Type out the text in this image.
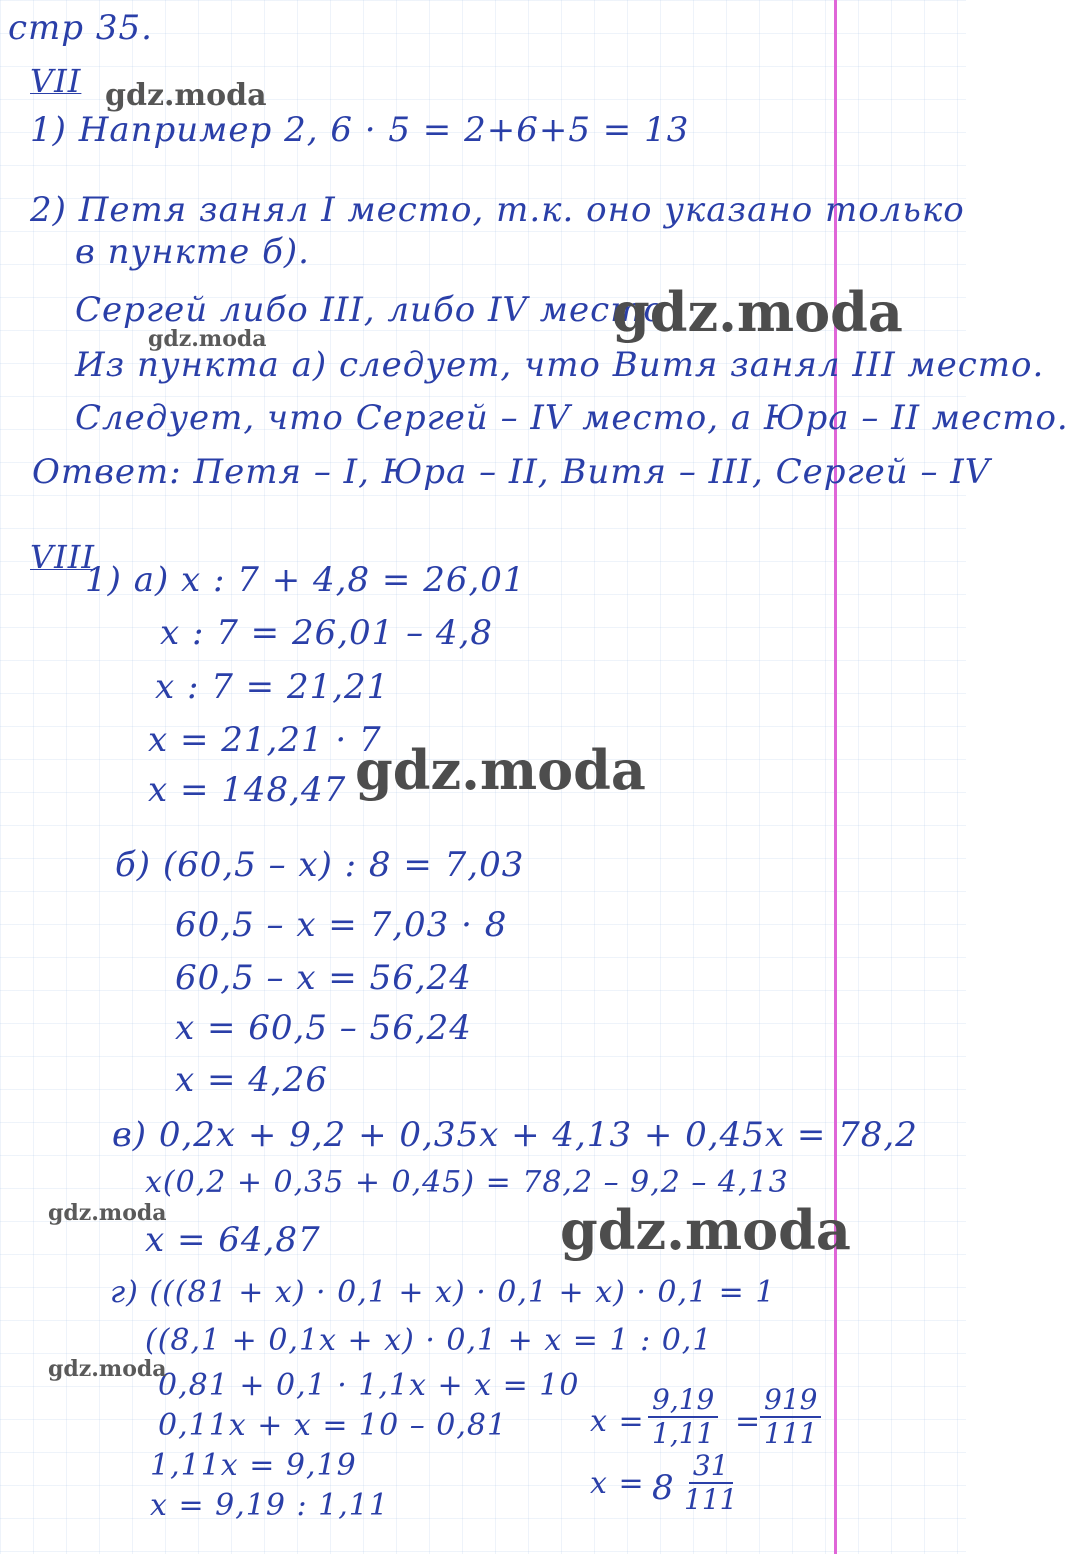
стр 35.
VII
1) Например 2, 6 · 5 = 2+6+5 = 13
2) Петя занял I место, т.к. оно указано только
в пункте б).
Сергей либо III, либо IV место
Из пункта а) следует, что Витя занял III место.
Следует, что Сергей – IV место, а Юра – II место.
Ответ: Петя – I, Юра – II, Витя – III, Сергей – IV
VIII
1) а) x : 7 + 4,8 = 26,01
x : 7 = 26,01 – 4,8
x : 7 = 21,21
x = 21,21 · 7
x = 148,47
б) (60,5 – x) : 8 = 7,03
60,5 – x = 7,03 · 8
60,5 – x = 56,24
x = 60,5 – 56,24
x = 4,26
в) 0,2x + 9,2 + 0,35x + 4,13 + 0,45x = 78,2
x(0,2 + 0,35 + 0,45) = 78,2 – 9,2 – 4,13
x = 64,87
г) (((81 + x) · 0,1 + x) · 0,1 + x) · 0,1 = 1
((8,1 + 0,1x + x) · 0,1 + x = 1 : 0,1
0,81 + 0,1 · 1,1x + x = 10
0,11x + x = 10 – 0,81
1,11x = 9,19
x = 9,19 : 1,11
$x = \frac{9,19}{1,11}$ =
$\frac{919}{111}$
$x = 8 \frac{31}{111}$
gdz.moda
gdz.moda
gdz.moda
gdz.moda
gdz.moda	gdz.moda
gdz.moda
